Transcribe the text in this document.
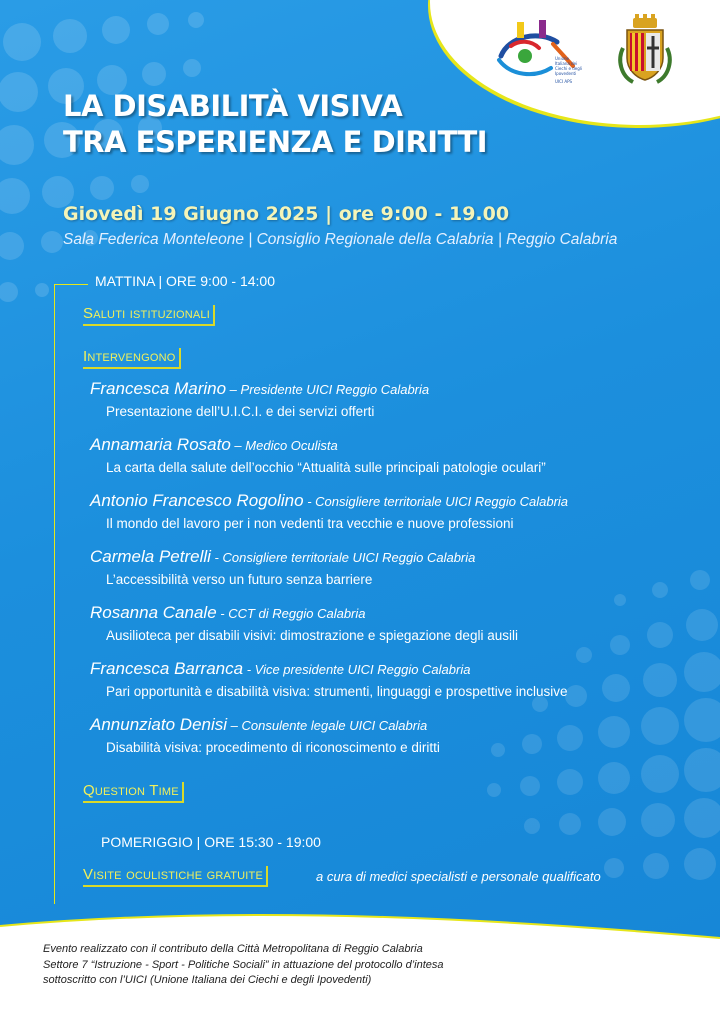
Unione
Italiana dei
Ciechi e degli
Ipovedenti
UICI APS
LA DISABILITÀ VISIVA
TRA ESPERIENZA E DIRITTI
Giovedì 19 Giugno 2025 | ore 9:00 - 19.00
Sala Federica Monteleone | Consiglio Regionale della Calabria | Reggio Calabria
MATTINA | ORE 9:00 - 14:00
Saluti istituzionali
Intervengono
Francesca Marino – Presidente UICI Reggio Calabria
Presentazione dell’U.I.C.I. e dei servizi offerti
Annamaria Rosato – Medico Oculista
La carta della salute dell’occhio “Attualità sulle principali patologie oculari”
Antonio Francesco Rogolino - Consigliere territoriale UICI Reggio Calabria
Il mondo del lavoro per i non vedenti tra vecchie e nuove professioni
Carmela Petrelli - Consigliere territoriale UICI Reggio Calabria
L’accessibilità verso un futuro senza barriere
Rosanna Canale - CCT di Reggio Calabria
Ausilioteca per disabili visivi: dimostrazione e spiegazione degli ausili
Francesca Barranca - Vice presidente UICI Reggio Calabria
Pari opportunità e disabilità visiva: strumenti, linguaggi e prospettive inclusive
Annunziato Denisi – Consulente legale UICI Calabria
Disabilità visiva: procedimento di riconoscimento e diritti
Question Time
POMERIGGIO | ORE 15:30 - 19:00
Visite oculistiche gratuite	a cura di medici specialisti e personale qualificato
Evento realizzato con il contributo della Città Metropolitana di Reggio Calabria
Settore 7 “Istruzione - Sport - Politiche Sociali” in attuazione del protocollo d’intesa
sottoscritto con l’UICI (Unione Italiana dei Ciechi e degli Ipovedenti)
